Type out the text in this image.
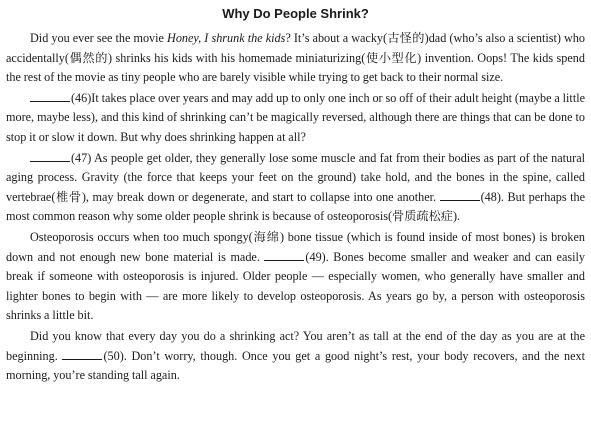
Why Do People Shrink?

Did you ever see the movie Honey, I shrunk the kids? It’s about a wacky(古怪的)dad (who’s also a scientist) who accidentally(偶然的) shrinks his kids with his homemade miniaturizing(使小型化) invention. Oops! The kids spend the rest of the movie as tiny people who are barely visible while trying to get back to their normal size.

(46)It takes place over years and may add up to only one inch or so off of their adult height (maybe a little more, maybe less), and this kind of shrinking can’t be magically reversed, although there are things that can be done to stop it or slow it down. But why does shrinking happen at all?

(47) As people get older, they generally lose some muscle and fat from their bodies as part of the natural aging process. Gravity (the force that keeps your feet on the ground) take hold, and the bones in the spine, called vertebrae(椎骨), may break down or degenerate, and start to collapse into one another.	(48). But perhaps the most common reason why some older people shrink is because of osteoporosis(骨质疏松症).

Osteoporosis occurs when too much spongy(海绵) bone tissue (which is found inside of most bones) is broken down and not enough new bone material is made.	(49). Bones become smaller and weaker and can easily break if someone with osteoporosis is injured. Older people — especially women, who generally have smaller and lighter bones to begin with — are more likely to develop osteoporosis. As years go by, a person with osteoporosis shrinks a little bit.

Did you know that every day you do a shrinking act? You aren’t as tall at the end of the day as you are at the beginning.	(50). Don’t worry, though. Once you get a good night’s rest, your body recovers, and the next morning, you’re standing tall again.
